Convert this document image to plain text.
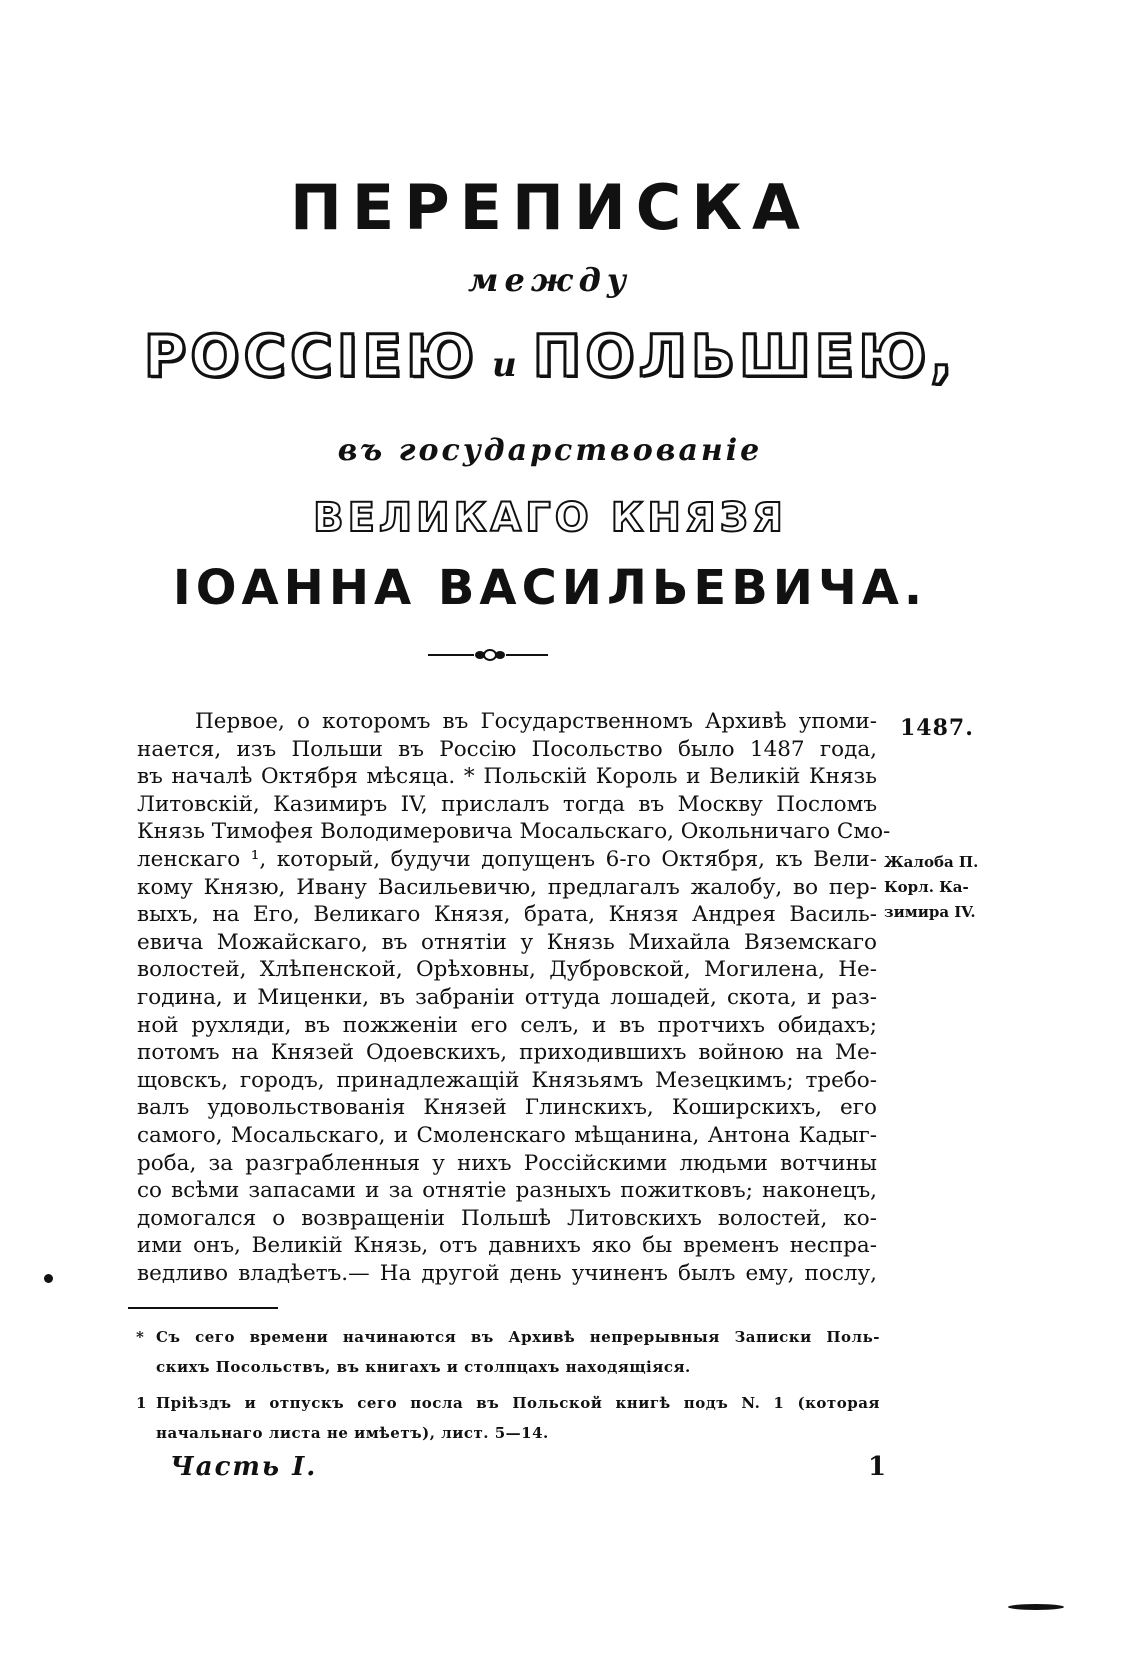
ПЕРЕПИСКА
между
РОССІЕЮ и ПОЛЬШЕЮ,
въ государствованіе
ВЕЛИКАГО КНЯЗЯ
ІОАННА ВАСИЛЬЕВИЧА.
1487.
Жалоба П.
Корл. Ка-
зимира IV.
Первое, о которомъ въ Государственномъ Архивѣ упоми-
нается, изъ Польши въ Россію Посольство было 1487 года,
въ началѣ Октября мѣсяца. * Польскій Король и Великій Князь
Литовскій, Казимиръ IV, прислалъ тогда въ Москву Посломъ
Князь Тимофея Володимеровича Мосальскаго, Окольничаго Смо-
ленскаго ¹, который, будучи допущенъ 6-го Октября, къ Вели-
кому Князю, Ивану Васильевичю, предлагалъ жалобу, во пер-
выхъ, на Его, Великаго Князя, брата, Князя Андрея Василь-
евича Можайскаго, въ отнятіи у Князь Михайла Вяземскаго
волостей, Хлѣпенской, Орѣховны, Дубровской, Могилена, Не-
година, и Миценки, въ забраніи оттуда лошадей, скота, и раз-
ной рухляди, въ пожженіи его селъ, и въ протчихъ обидахъ;
потомъ на Князей Одоевскихъ, приходившихъ войною на Ме-
щовскъ, городъ, принадлежащій Князьямъ Мезецкимъ; требо-
валъ удовольствованія Князей Глинскихъ, Коширскихъ, его
самого, Мосальскаго, и Смоленскаго мѣщанина, Антона Кадыг-
роба, за разграбленныя у нихъ Россійскими людьми вотчины
со всѣми запасами и за отнятіе разныхъ пожитковъ; наконецъ,
домогался о возвращеніи Польшѣ Литовскихъ волостей, ко-
ими онъ, Великій Князь, отъ давнихъ яко бы временъ неспра-
ведливо владѣетъ.— На другой день учиненъ былъ ему, послу,
* Съ сего времени начинаются въ Архивѣ непрерывныя Записки Поль-
скихъ Посольствъ, въ книгахъ и столпцахъ находящіяся.
1 Пріѣздъ и отпускъ сего посла въ Польской книгѣ подъ N. 1 (которая
начальнаго листа не имѣетъ), лист. 5—14.
Часть I.	1
